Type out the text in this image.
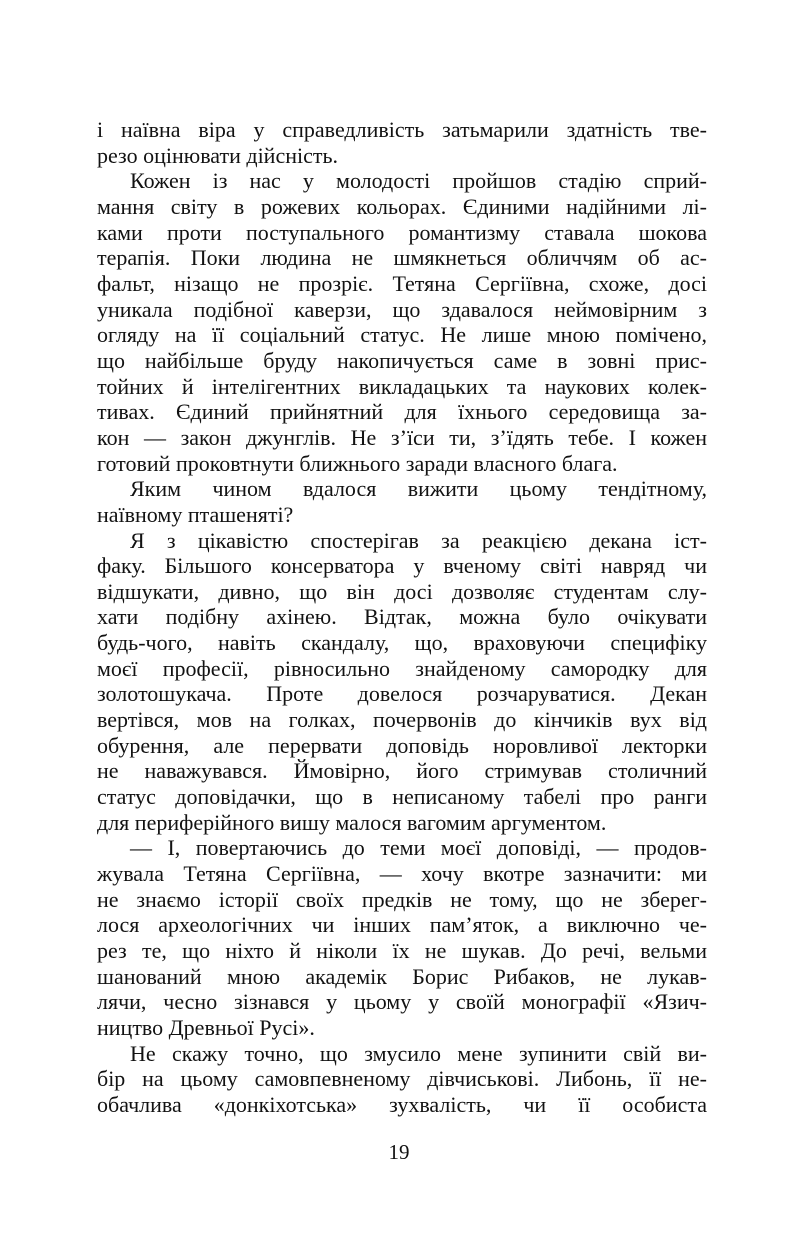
і наївна віра у справедливість затьмарили здатність тве-
резо оцінювати дійсність.
Кожен із нас у молодості пройшов стадію сприй-
мання світу в рожевих кольорах. Єдиними надійними лі-
ками проти поступального романтизму ставала шокова
терапія. Поки людина не шмякнеться обличчям об ас-
фальт, нізащо не прозріє. Тетяна Сергіївна, схоже, досі
уникала подібної каверзи, що здавалося неймовірним з
огляду на її соціальний статус. Не лише мною помічено,
що найбільше бруду накопичується саме в зовні прис-
тойних й інтелігентних викладацьких та наукових колек-
тивах. Єдиний прийнятний для їхнього середовища за-
кон — закон джунглів. Не з’їси ти, з’їдять тебе. І кожен
готовий проковтнути ближнього заради власного блага.
Яким чином вдалося вижити цьому тендітному,
наївному пташеняті?
Я з цікавістю спостерігав за реакцією декана іст-
факу. Більшого консерватора у вченому світі навряд чи
відшукати, дивно, що він досі дозволяє студентам слу-
хати подібну ахінею. Відтак, можна було очікувати
будь-чого, навіть скандалу, що, враховуючи специфіку
моєї професії, рівносильно знайденому самородку для
золотошукача. Проте довелося розчаруватися. Декан
вертівся, мов на голках, почервонів до кінчиків вух від
обурення, але перервати доповідь норовливої лекторки
не наважувався. Ймовірно, його стримував столичний
статус доповідачки, що в неписаному табелі про ранги
для периферійного вишу малося вагомим аргументом.
— І, повертаючись до теми моєї доповіді, — продов-
жувала Тетяна Сергіївна, — хочу вкотре зазначити: ми
не знаємо історії своїх предків не тому, що не зберег-
лося археологічних чи інших пам’яток, а виключно че-
рез те, що ніхто й ніколи їх не шукав. До речі, вельми
шанований мною академік Борис Рибаков, не лукав-
лячи, чесно зізнався у цьому у своїй монографії «Язич-
ництво Древньої Русі».
Не скажу точно, що змусило мене зупинити свій ви-
бір на цьому самовпевненому дівчиськові. Либонь, її не-
обачлива «донкіхотська» зухвалість, чи її особиста
19
